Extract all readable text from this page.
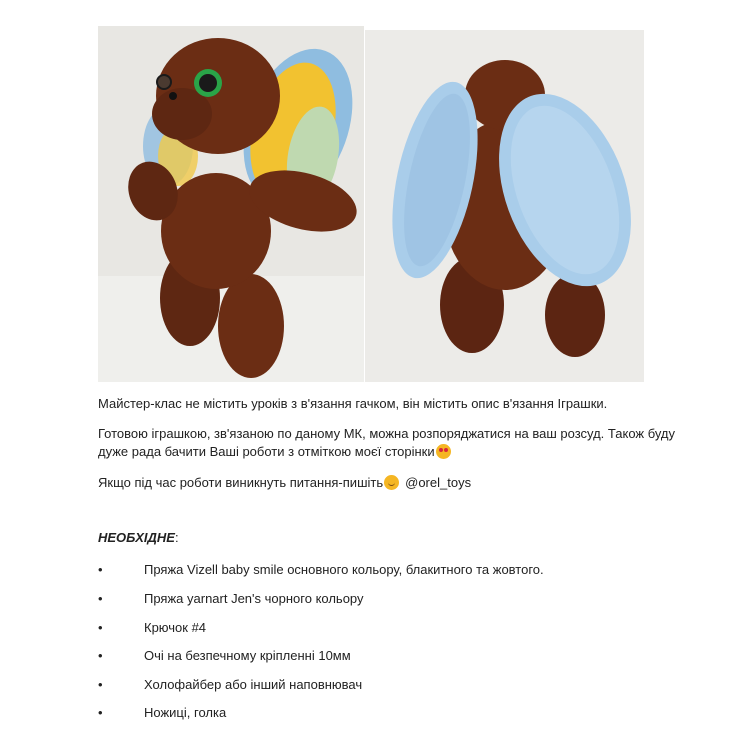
Майстер-клас не містить уроків з в'язання гачком, він містить опис в'язання Іграшки.
Готовою іграшкою, зв'язаною по даному МК, можна розпоряджатися на ваш розсуд. Також буду
дуже рада бачити Ваші роботи з отміткою моєї сторінки
Якщо під час роботи виникнуть питання-пишіть @orel_toys
НЕОБХІДНЕ:
•	Пряжа Vizell baby smile основного кольору, блакитного та жовтого.
•	Пряжа yarnart Jen's чорного кольору
•	Крючок #4
•	Очі на безпечному кріпленні 10мм
•	Холофайбер або інший наповнювач
•	Ножиці, голка
